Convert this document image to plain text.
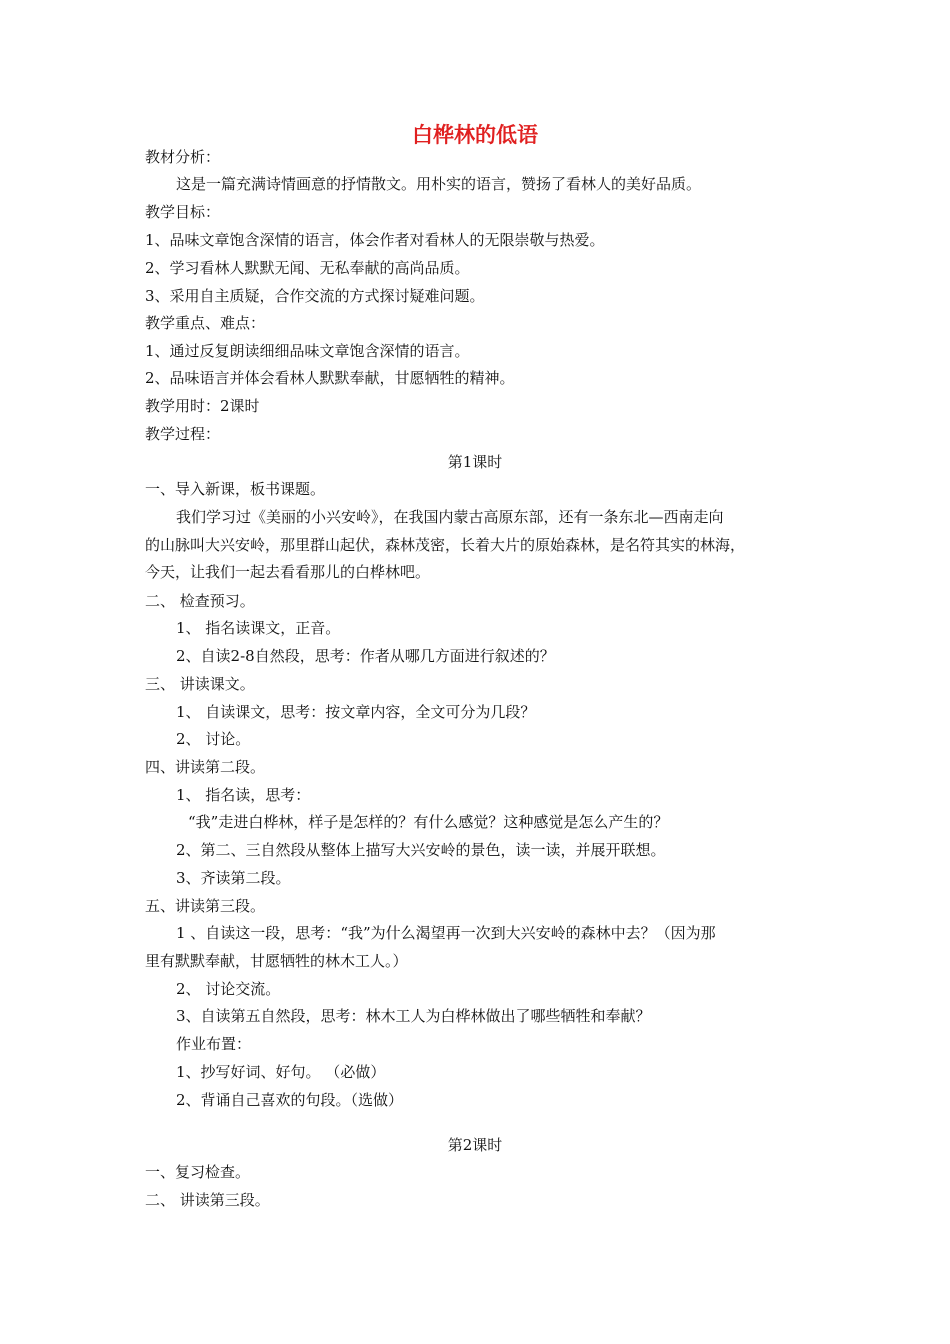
白桦林的低语
教材分析：
这是一篇充满诗情画意的抒情散文。用朴实的语言，赞扬了看林人的美好品质。
教学目标：
1、品味文章饱含深情的语言，体会作者对看林人的无限崇敬与热爱。
2、学习看林人默默无闻、无私奉献的高尚品质。
3、采用自主质疑，合作交流的方式探讨疑难问题。
教学重点、难点：
1、通过反复朗读细细品味文章饱含深情的语言。
2、品味语言并体会看林人默默奉献，甘愿牺牲的精神。
教学用时：2课时
教学过程：
第1课时
一、导入新课，板书课题。
我们学习过《美丽的小兴安岭》，在我国内蒙古高原东部，还有一条东北—西南走向
的山脉叫大兴安岭，那里群山起伏，森林茂密，长着大片的原始森林，是名符其实的林海，
今天，让我们一起去看看那儿的白桦林吧。
二、 检查预习。
1、 指名读课文，正音。
2、自读2-8自然段，思考：作者从哪几方面进行叙述的？
三、 讲读课文。
1、 自读课文，思考：按文章内容，全文可分为几段？
2、 讨论。
四、讲读第二段。
1、 指名读，思考：
“我”走进白桦林，样子是怎样的？有什么感觉？这种感觉是怎么产生的？
2、第二、三自然段从整体上描写大兴安岭的景色，读一读，并展开联想。
3、齐读第二段。
五、讲读第三段。
1 、自读这一段，思考：“我”为什么渴望再一次到大兴安岭的森林中去？（因为那
里有默默奉献，甘愿牺牲的林木工人。）
2、 讨论交流。
3、自读第五自然段，思考：林木工人为白桦林做出了哪些牺牲和奉献？
作业布置：
1、抄写好词、好句。 （必做）
2、背诵自己喜欢的句段。（选做）
第2课时
一、复习检查。
二、 讲读第三段。
